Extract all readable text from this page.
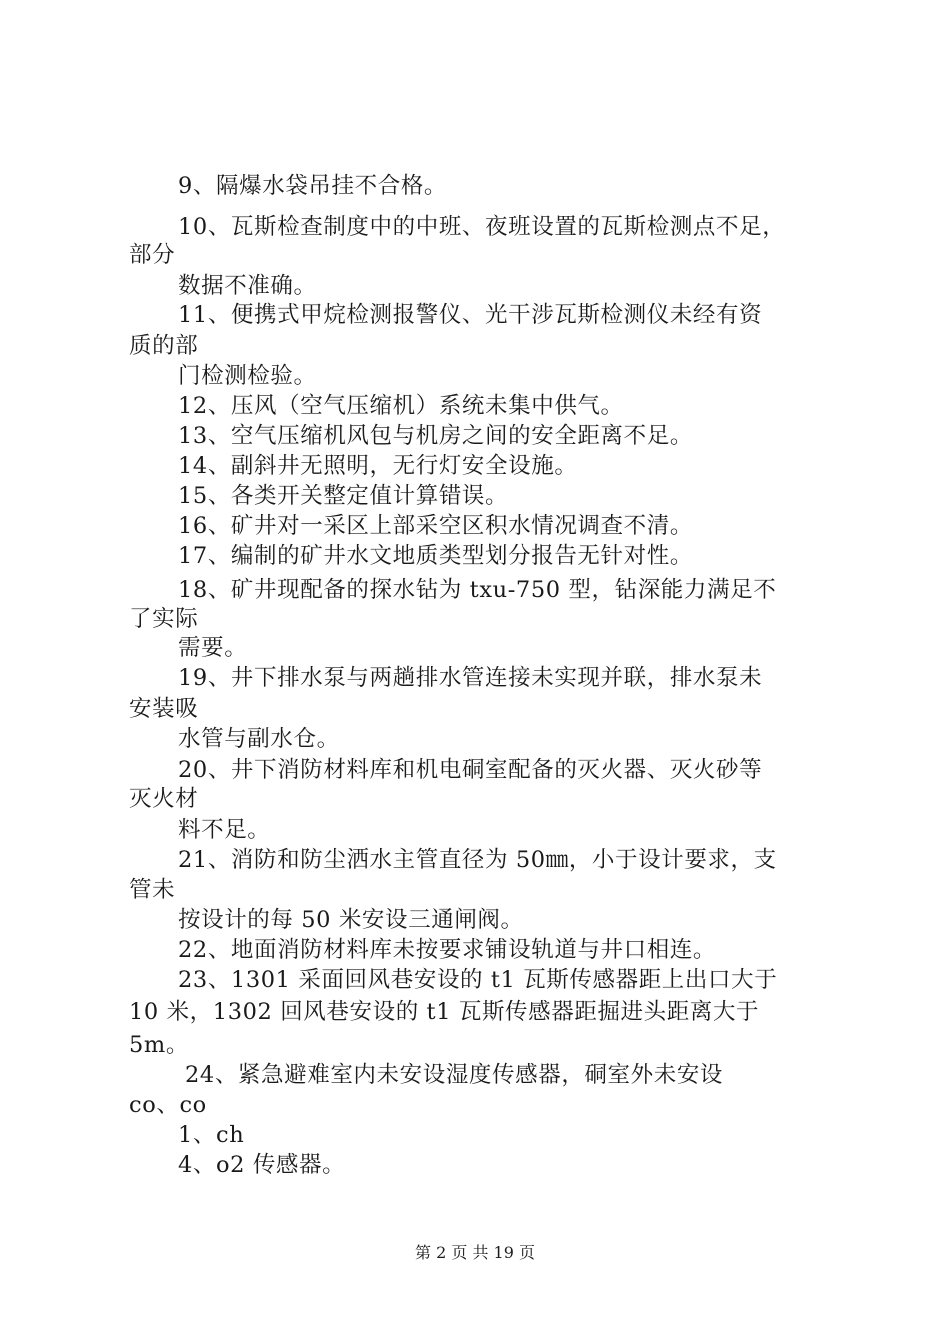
9、隔爆水袋吊挂不合格。
10、瓦斯检查制度中的中班、夜班设置的瓦斯检测点不足，
部分
数据不准确。
11、便携式甲烷检测报警仪、光干涉瓦斯检测仪未经有资
质的部
门检测检验。
12、压风（空气压缩机）系统未集中供气。
13、空气压缩机风包与机房之间的安全距离不足。
14、副斜井无照明，无行灯安全设施。
15、各类开关整定值计算错误。
16、矿井对一采区上部采空区积水情况调查不清。
17、编制的矿井水文地质类型划分报告无针对性。
18、矿井现配备的探水钻为 txu-750 型，钻深能力满足不
了实际
需要。
19、井下排水泵与两趟排水管连接未实现并联，排水泵未
安装吸
水管与副水仓。
20、井下消防材料库和机电硐室配备的灭火器、灭火砂等
灭火材
料不足。
21、消防和防尘洒水主管直径为 50㎜，小于设计要求，支
管未
按设计的每 50 米安设三通闸阀。
22、地面消防材料库未按要求铺设轨道与井口相连。
23、1301 采面回风巷安设的 t1 瓦斯传感器距上出口大于
10 米，1302 回风巷安设的 t1 瓦斯传感器距掘进头距离大于
5m。
24、紧急避难室内未安设湿度传感器，硐室外未安设
co、co
1、ch
4、o2 传感器。
第 2 页 共 19 页
